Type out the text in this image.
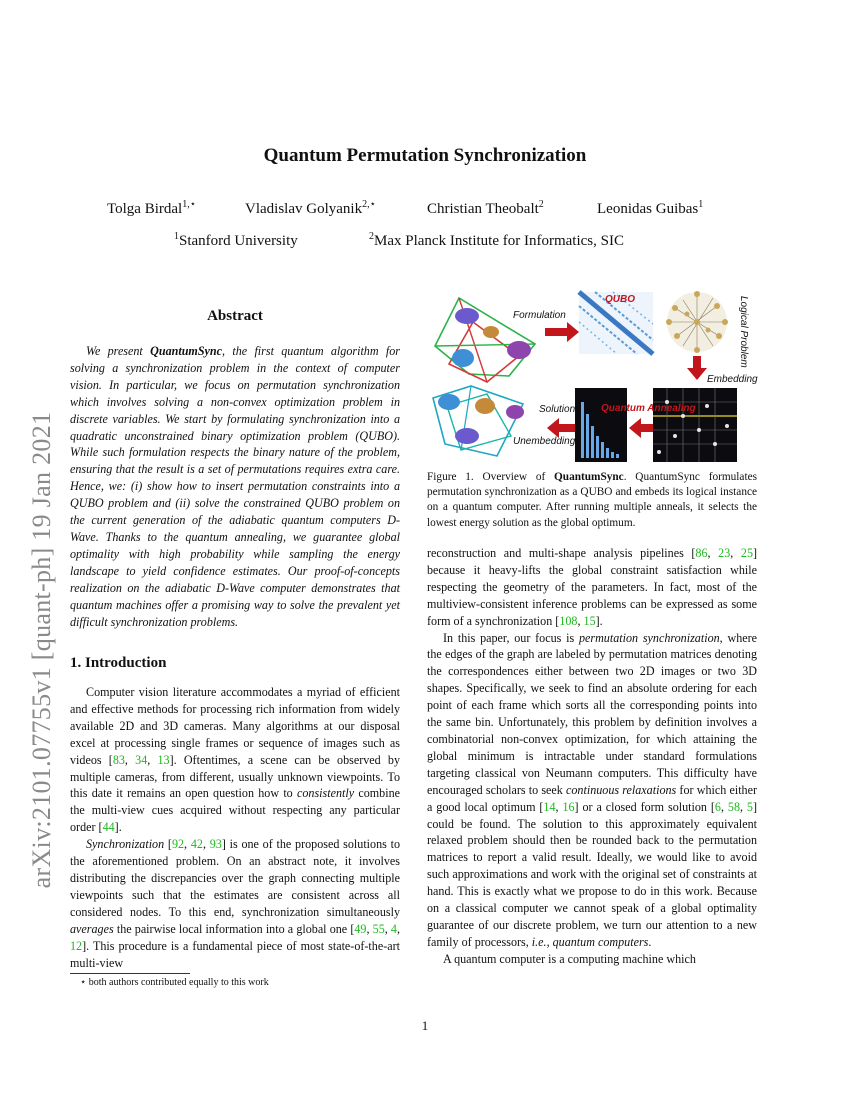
arXiv:2101.07755v1 [quant-ph] 19 Jan 2021
Quantum Permutation Synchronization
Tolga Birdal$^{1,⋆}$	Vladislav Golyanik$^{2,⋆}$	Christian Theobalt$^2$	Leonidas Guibas$^1$
$^1$Stanford University	$^2$Max Planck Institute for Informatics, SIC
Abstract

We present QuantumSync, the first quantum algorithm for solving a synchronization problem in the context of computer vision. In particular, we focus on permutation synchronization which involves solving a non-convex optimization problem in discrete variables. We start by formulating synchronization into a quadratic unconstrained binary optimization problem (QUBO). While such formulation respects the binary nature of the problem, ensuring that the result is a set of permutations requires extra care. Hence, we: (i) show how to insert permutation constraints into a QUBO problem and (ii) solve the constrained QUBO problem on the current generation of the adiabatic quantum computers D-Wave. Thanks to the quantum annealing, we guarantee global optimality with high probability while sampling the energy landscape to yield confidence estimates. Our proof-of-concepts realization on the adiabatic D-Wave computer demonstrates that quantum machines offer a promising way to solve the prevalent yet difficult synchronization problems.

1. Introduction

Computer vision literature accommodates a myriad of efficient and effective methods for processing rich information from widely available 2D and 3D cameras. Many algorithms at our disposal excel at processing single frames or sequence of images such as videos [83, 34, 13]. Oftentimes, a scene can be observed by multiple cameras, from different, usually unknown viewpoints. To this date it remains an open question how to consistently combine the multi-view cues acquired without respecting any particular order [44].

Synchronization [92, 42, 93] is one of the proposed solutions to the aforementioned problem. On an abstract note, it involves distributing the discrepancies over the graph connecting multiple viewpoints such that the estimates are consistent across all considered nodes. To this end, synchronization simultaneously averages the pairwise local information into a global one [49, 55, 4, 12]. This procedure is a fundamental piece of most state-of-the-art multi-view

⋆ both authors contributed equally to this work
1
Formulation
QUBO	Logical Problem
Embedding
Quantum Annealing
Solution
Unembedding
Figure 1. Overview of QuantumSync. QuantumSync formulates permutation synchronization as a QUBO and embeds its logical instance on a quantum computer. After running multiple anneals, it selects the lowest energy solution as the global optimum.

reconstruction and multi-shape analysis pipelines [86, 23, 25] because it heavy-lifts the global constraint satisfaction while respecting the geometry of the parameters. In fact, most of the multiview-consistent inference problems can be expressed as some form of a synchronization [108, 15].

In this paper, our focus is permutation synchronization, where the edges of the graph are labeled by permutation matrices denoting the correspondences either between two 2D images or two 3D shapes. Specifically, we seek to find an absolute ordering for each point of each frame which sorts all the corresponding points into the same bin. Unfortunately, this problem by definition involves a combinatorial non-convex optimization, for which attaining the global minimum is intractable under standard formulations targeting classical von Neumann computers. This difficulty have encouraged scholars to seek continuous relaxations for which either a good local optimum [14, 16] or a closed form solution [6, 58, 5] could be found. The solution to this approximately equivalent relaxed problem should then be rounded back to the permutation matrices to report a valid result. Ideally, we would like to avoid such approximations and work with the original set of constraints at hand. This is exactly what we propose to do in this work. Because on a classical computer we cannot speak of a global optimality guarantee of our discrete problem, we turn our attention to a new family of processors, i.e., quantum computers.

A quantum computer is a computing machine which
